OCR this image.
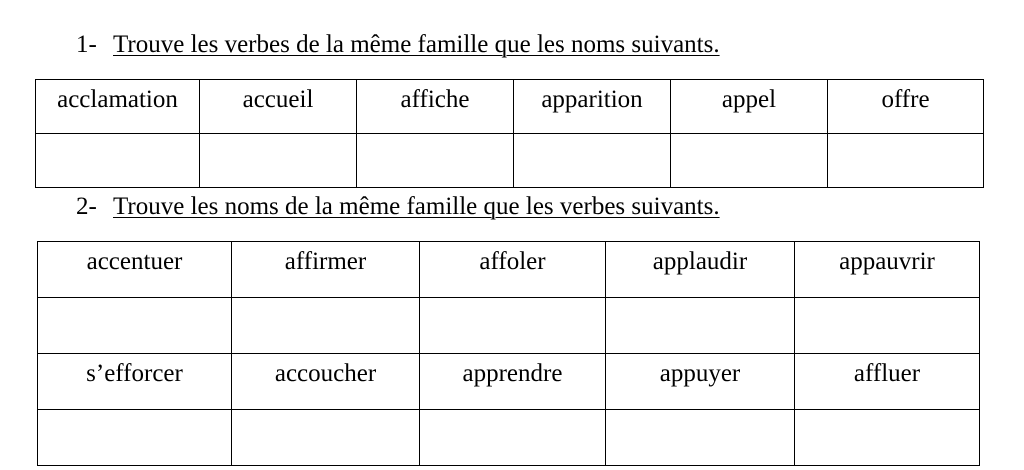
1- Trouve les verbes de la même famille que les noms suivants.
acclamation	accueil	affiche	apparition	appel	offre

2- Trouve les noms de la même famille que les verbes suivants.
accentuer	affirmer	affoler	applaudir	appauvrir

s’efforcer	accoucher	apprendre	appuyer	affluer
